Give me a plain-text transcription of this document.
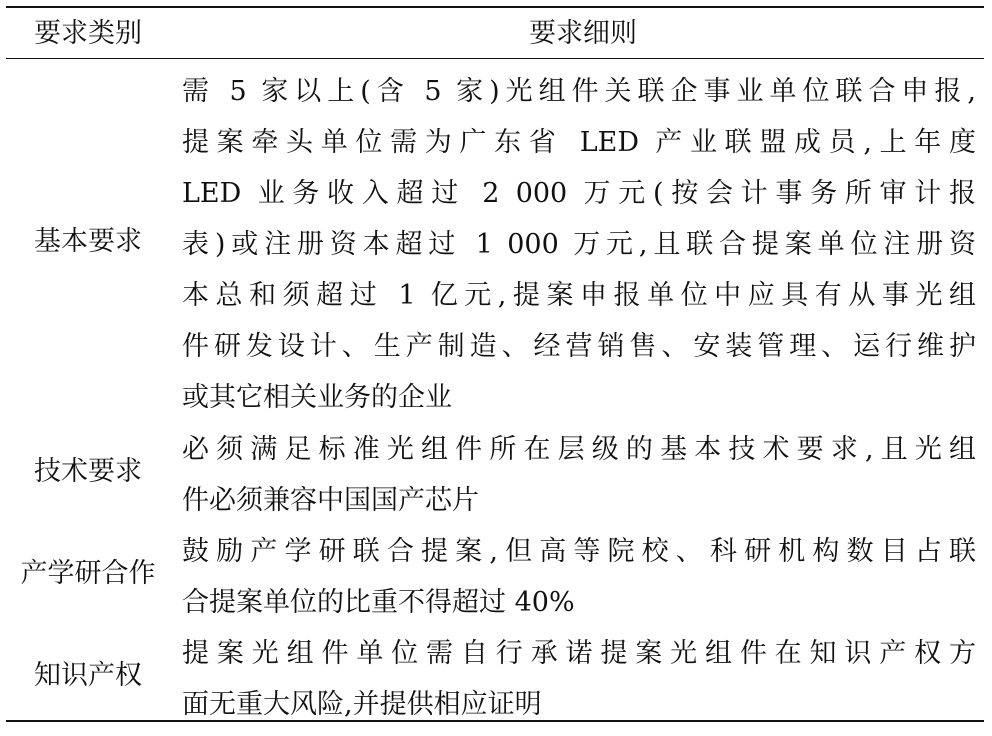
要求类别	要求细则
基本要求
需 5 家以上(含 5 家)光组件关联企事业单位联合申报,
提案牵头单位需为广东省 LED 产业联盟成员,上年度
LED 业务收入超过 2 000 万元(按会计事务所审计报
表)或注册资本超过 1 000 万元,且联合提案单位注册资
本总和须超过 1 亿元,提案申报单位中应具有从事光组
件研发设计、生产制造、经营销售、安装管理、运行维护
或其它相关业务的企业
技术要求
必须满足标准光组件所在层级的基本技术要求,且光组
件必须兼容中国国产芯片
产学研合作
鼓励产学研联合提案,但高等院校、科研机构数目占联
合提案单位的比重不得超过 40%
知识产权
提案光组件单位需自行承诺提案光组件在知识产权方
面无重大风险,并提供相应证明
